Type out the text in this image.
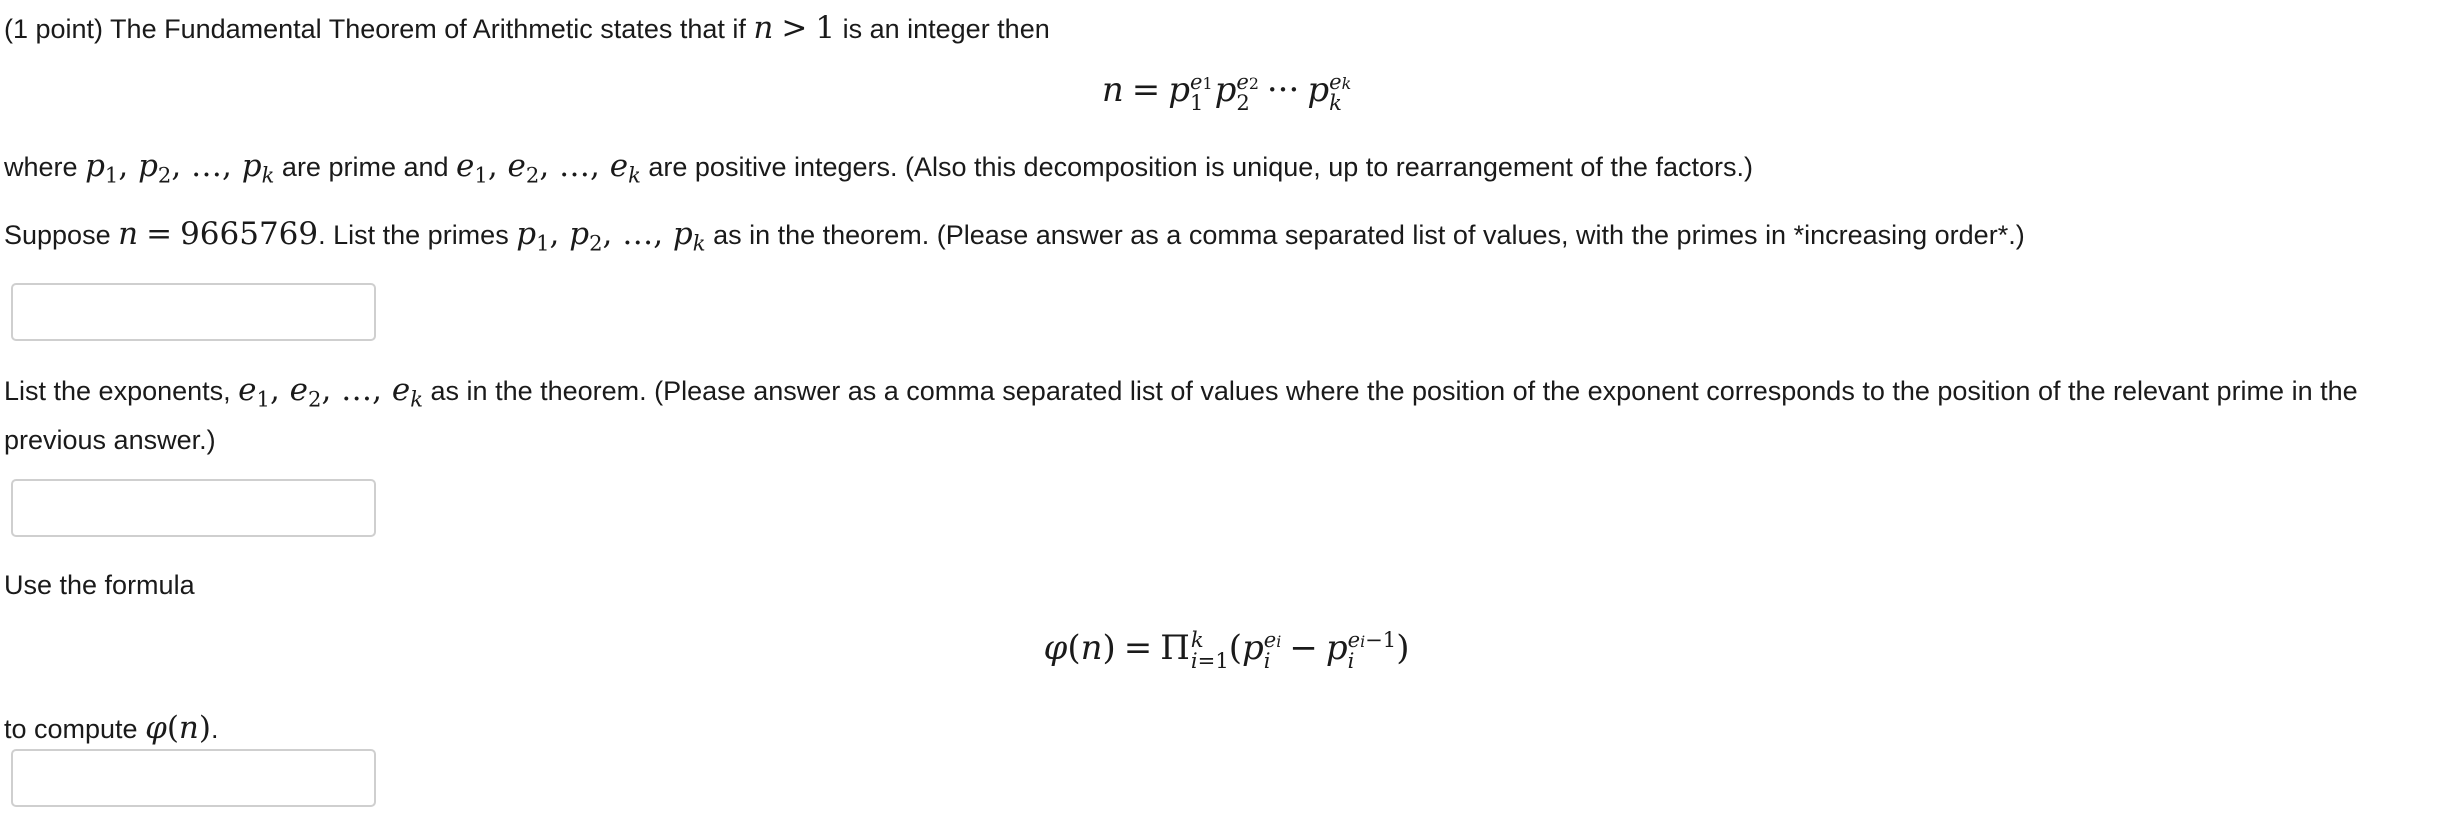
(1 point) The Fundamental Theorem of Arithmetic states that if n > 1 is an integer then
n = p e1
1 p e2
2 ··· p ek
k
where $p_1$, $p_2$, …, $p_k$ are prime and $e_1$, $e_2$, …, $e_k$ are positive integers. (Also this decomposition is unique, up to rearrangement of the factors.)
Suppose n = 9665769. List the primes $p_1$, $p_2$, …, $p_k$ as in the theorem. (Please answer as a comma separated list of values, with the primes in *increasing order*.)
List the exponents, $e_1$, $e_2$, …, $e_k$ as in the theorem. (Please answer as a comma separated list of values where the position of the exponent corresponds to the position of the relevant prime in the
previous answer.)
Use the formula
φ(n) = Π k
i=1 (p ei
i − p ei−1
i	)
to compute φ(n).
